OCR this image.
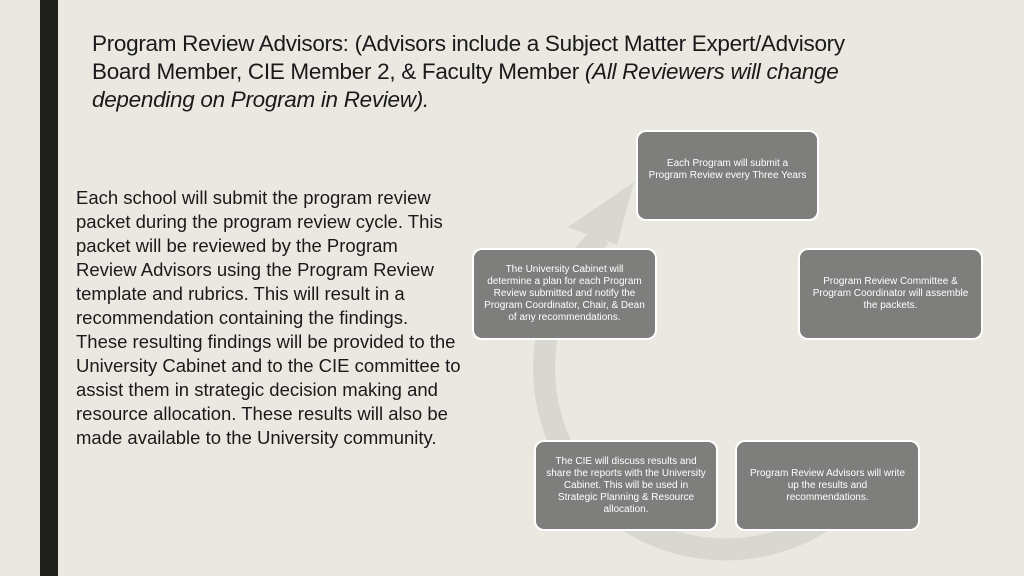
Program Review Advisors: (Advisors include a Subject Matter Expert/Advisory Board Member, CIE Member 2, & Faculty Member (All Reviewers will change depending on Program in Review).
Each school will submit the program review packet during the program review cycle. This packet will be reviewed by the Program Review Advisors using the Program Review template and rubrics. This will result in a recommendation containing the findings. These resulting findings will be provided to the University Cabinet and to the CIE committee to assist them in strategic decision making and resource allocation. These results will also be made available to the University community.
Each Program will submit a Program Review every Three Years
Program Review Committee & Program Coordinator will assemble the packets.
Program Review Advisors will write up the results and recommendations.
The CIE will discuss results and share the reports with the University Cabinet. This will be used in Strategic Planning & Resource allocation.
The University Cabinet will determine a plan for each Program Review submitted and notify the Program Coordinator, Chair, & Dean of any recommendations.
